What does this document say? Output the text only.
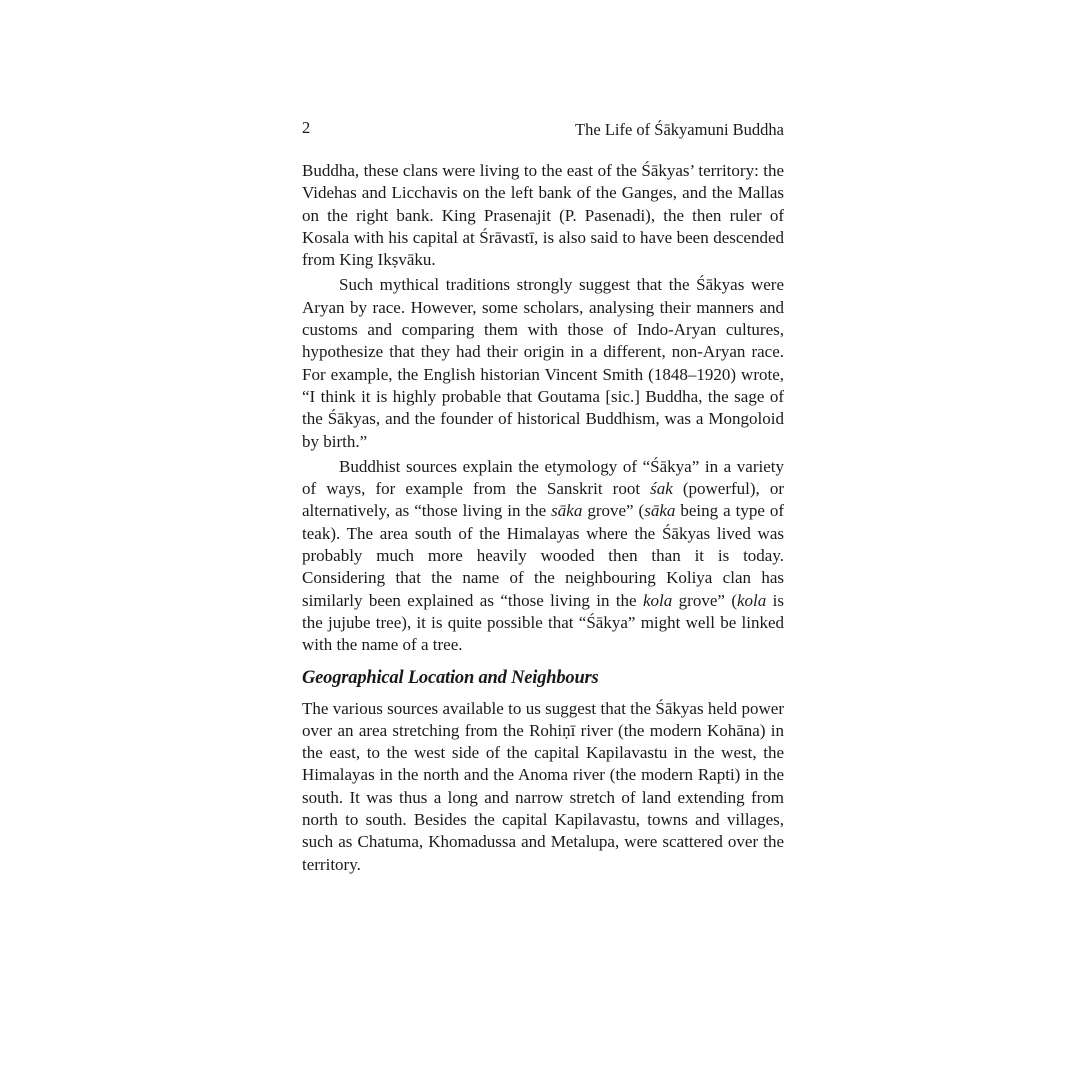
2	The Life of Śākyamuni Buddha

Buddha, these clans were living to the east of the Śākyas’ territory: the Videhas and Licchavis on the left bank of the Ganges, and the Mallas on the right bank. King Prasenajit (P. Pasenadi), the then ruler of Kosala with his capital at Śrāvastī, is also said to have been descended from King Ikṣvāku.

Such mythical traditions strongly suggest that the Śākyas were Aryan by race. However, some scholars, analysing their manners and customs and comparing them with those of Indo-Aryan cultures, hypothesize that they had their origin in a different, non-Aryan race. For example, the English historian Vincent Smith (1848–1920) wrote, “I think it is highly probable that Goutama [sic.] Buddha, the sage of the Śākyas, and the founder of historical Buddhism, was a Mongoloid by birth.”

Buddhist sources explain the etymology of “Śākya” in a variety of ways, for example from the Sanskrit root śak (powerful), or alternatively, as “those living in the sāka grove” (sāka being a type of teak). The area south of the Himalayas where the Śākyas lived was probably much more heavily wooded then than it is today. Considering that the name of the neighbouring Koliya clan has similarly been explained as “those living in the kola grove” (kola is the jujube tree), it is quite possible that “Śākya” might well be linked with the name of a tree.

Geographical Location and Neighbours

The various sources available to us suggest that the Śākyas held power over an area stretching from the Rohiṇī river (the modern Kohāna) in the east, to the west side of the capital Kapilavastu in the west, the Himalayas in the north and the Anoma river (the modern Rapti) in the south. It was thus a long and narrow stretch of land extending from north to south. Besides the capital Kapilavastu, towns and villages, such as Chatuma, Khomadussa and Metalupa, were scattered over the territory.
